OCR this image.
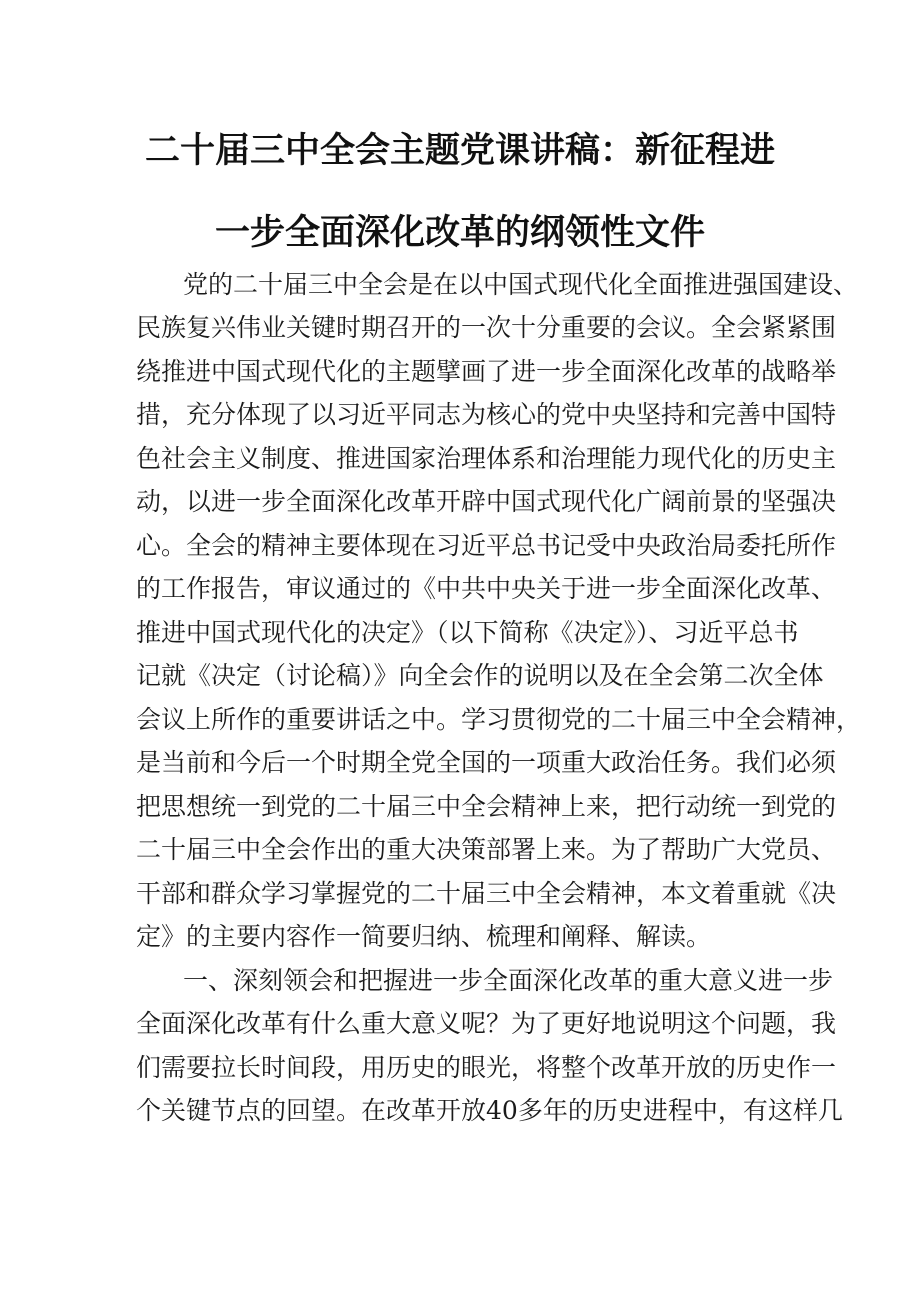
二十届三中全会主题党课讲稿：新征程进
一步全面深化改革的纲领性文件
党的二十届三中全会是在以中国式现代化全面推进强国建设、
民族复兴伟业关键时期召开的一次十分重要的会议。全会紧紧围
绕推进中国式现代化的主题擘画了进一步全面深化改革的战略举
措，充分体现了以习近平同志为核心的党中央坚持和完善中国特
色社会主义制度、推进国家治理体系和治理能力现代化的历史主
动，以进一步全面深化改革开辟中国式现代化广阔前景的坚强决
心。全会的精神主要体现在习近平总书记受中央政治局委托所作
的工作报告，审议通过的《中共中央关于进一步全面深化改革、
推进中国式现代化的决定》（以下简称《决定》）、习近平总书
记就《决定（讨论稿）》向全会作的说明以及在全会第二次全体
会议上所作的重要讲话之中。学习贯彻党的二十届三中全会精神，
是当前和今后一个时期全党全国的一项重大政治任务。我们必须
把思想统一到党的二十届三中全会精神上来，把行动统一到党的
二十届三中全会作出的重大决策部署上来。为了帮助广大党员、
干部和群众学习掌握党的二十届三中全会精神，本文着重就《决
定》的主要内容作一简要归纳、梳理和阐释、解读。
一、深刻领会和把握进一步全面深化改革的重大意义进一步
全面深化改革有什么重大意义呢？为了更好地说明这个问题，我
们需要拉长时间段，用历史的眼光，将整个改革开放的历史作一
个关键节点的回望。在改革开放40多年的历史进程中，有这样几
